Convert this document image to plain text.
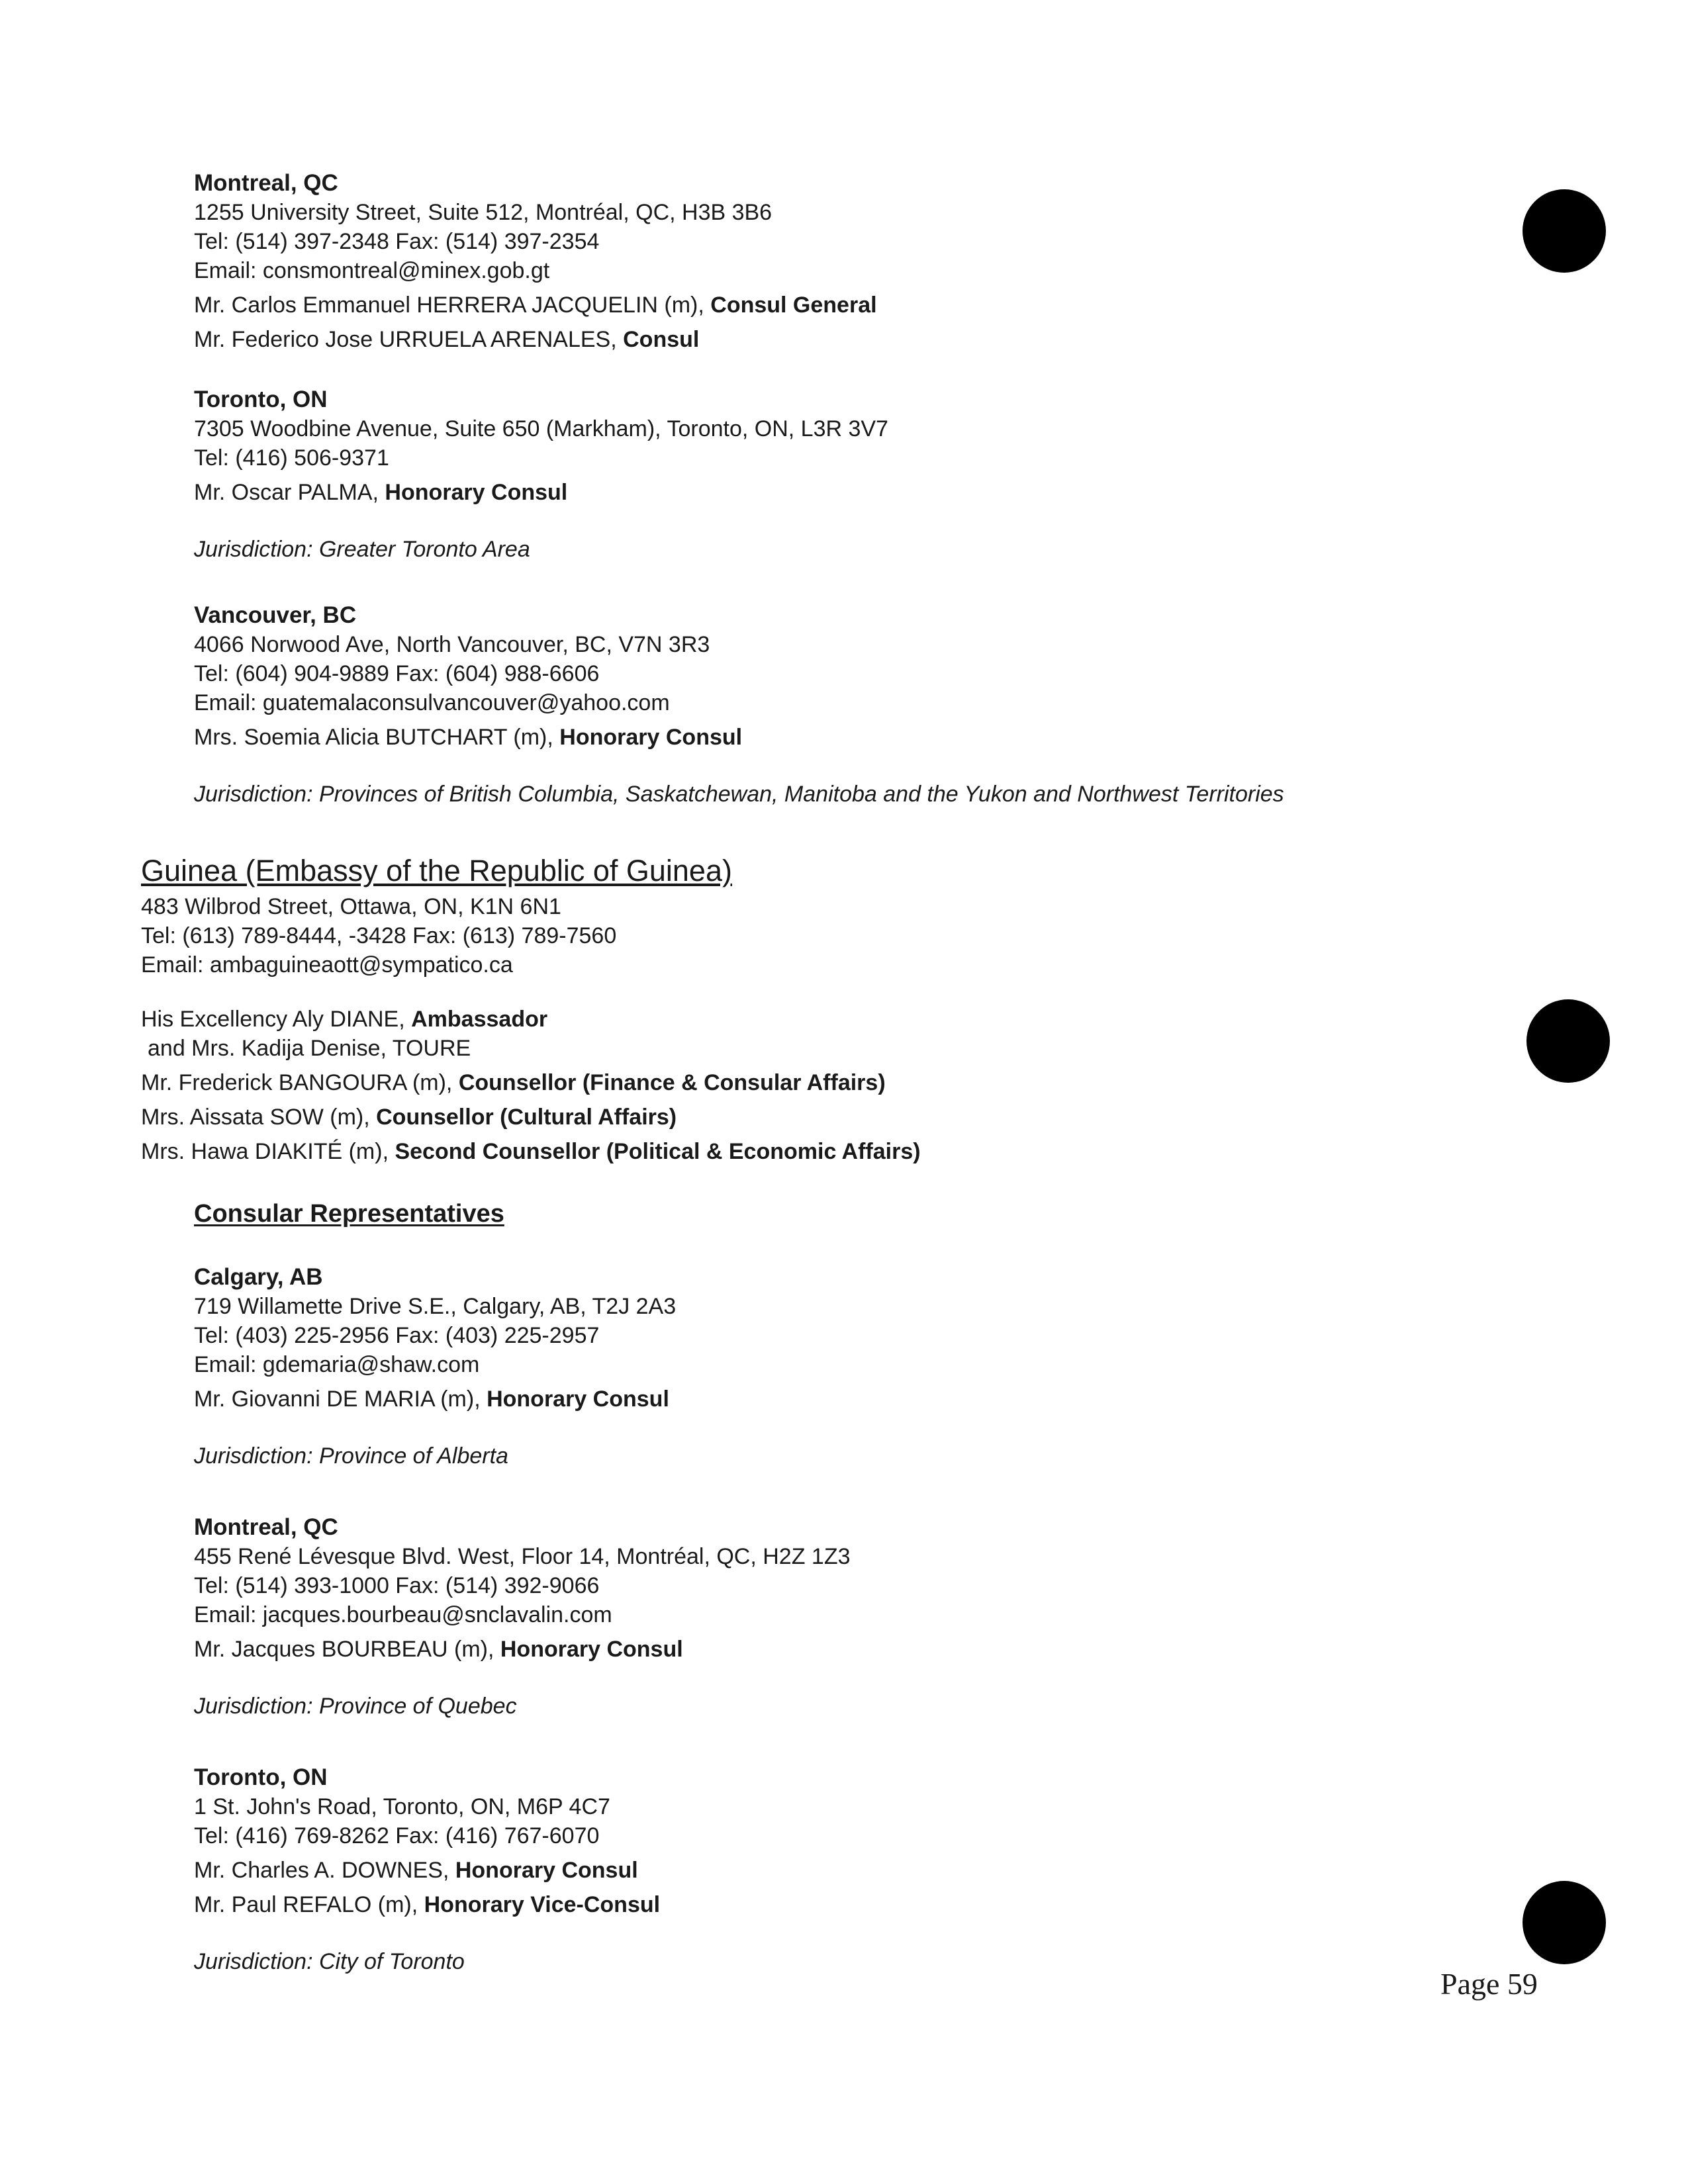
Montreal, QC
1255 University Street, Suite 512, Montréal, QC, H3B 3B6
Tel: (514) 397-2348 Fax: (514) 397-2354
Email: consmontreal@minex.gob.gt
Mr. Carlos Emmanuel HERRERA JACQUELIN (m), Consul General
Mr. Federico Jose URRUELA ARENALES, Consul
Toronto, ON
7305 Woodbine Avenue, Suite 650 (Markham), Toronto, ON, L3R 3V7
Tel: (416) 506-9371
Mr. Oscar PALMA, Honorary Consul
Jurisdiction: Greater Toronto Area
Vancouver, BC
4066 Norwood Ave, North Vancouver, BC, V7N 3R3
Tel: (604) 904-9889 Fax: (604) 988-6606
Email: guatemalaconsulvancouver@yahoo.com
Mrs. Soemia Alicia BUTCHART (m), Honorary Consul
Jurisdiction: Provinces of British Columbia, Saskatchewan, Manitoba and the Yukon and Northwest Territories
Guinea (Embassy of the Republic of Guinea)
483 Wilbrod Street, Ottawa, ON, K1N 6N1
Tel: (613) 789-8444, -3428 Fax: (613) 789-7560
Email: ambaguineaott@sympatico.ca
His Excellency Aly DIANE, Ambassador
and Mrs. Kadija Denise, TOURE
Mr. Frederick BANGOURA (m), Counsellor (Finance & Consular Affairs)
Mrs. Aissata SOW (m), Counsellor (Cultural Affairs)
Mrs. Hawa DIAKITÉ (m), Second Counsellor (Political & Economic Affairs)
Consular Representatives
Calgary, AB
719 Willamette Drive S.E., Calgary, AB, T2J 2A3
Tel: (403) 225-2956 Fax: (403) 225-2957
Email: gdemaria@shaw.com
Mr. Giovanni DE MARIA (m), Honorary Consul
Jurisdiction: Province of Alberta
Montreal, QC
455 René Lévesque Blvd. West, Floor 14, Montréal, QC, H2Z 1Z3
Tel: (514) 393-1000 Fax: (514) 392-9066
Email: jacques.bourbeau@snclavalin.com
Mr. Jacques BOURBEAU (m), Honorary Consul
Jurisdiction: Province of Quebec
Toronto, ON
1 St. John's Road, Toronto, ON, M6P 4C7
Tel: (416) 769-8262 Fax: (416) 767-6070
Mr. Charles A. DOWNES, Honorary Consul
Mr. Paul REFALO (m), Honorary Vice-Consul
Jurisdiction: City of Toronto
Page 59
